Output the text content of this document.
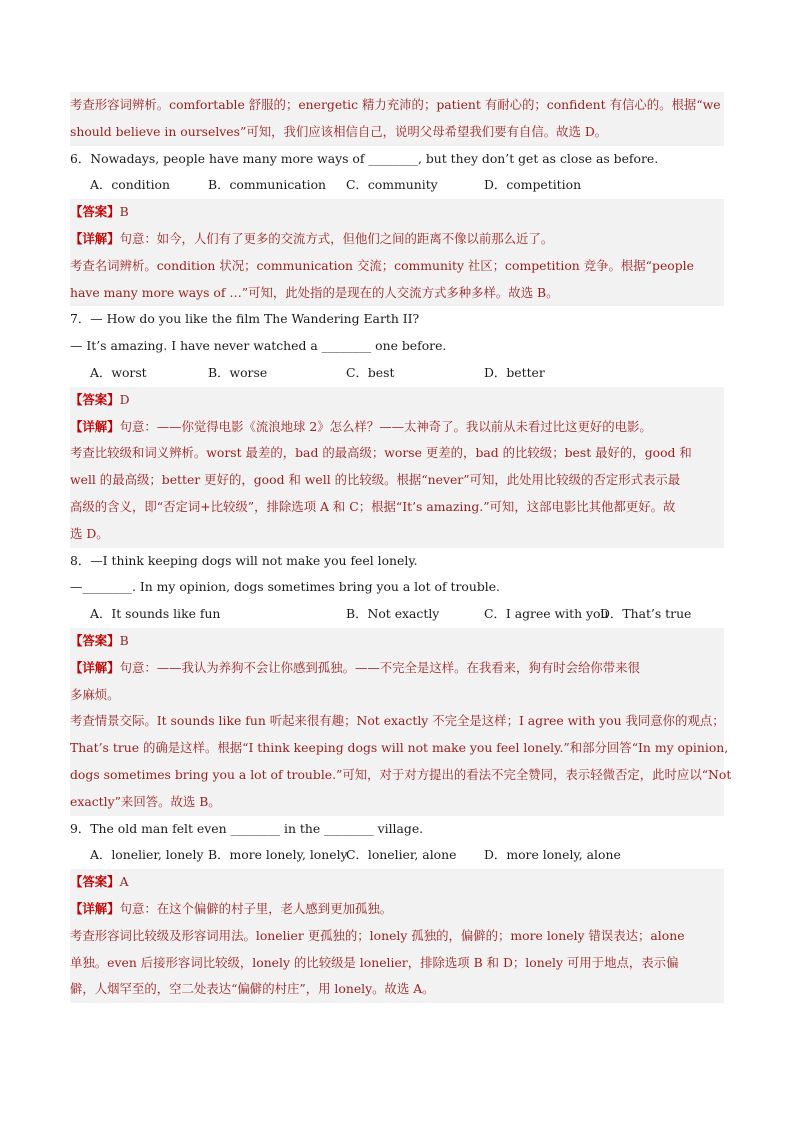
考查形容词辨析。comfortable 舒服的；energetic 精力充沛的；patient 有耐心的；confident 有信心的。根据“we
should believe in ourselves”可知，我们应该相信自己，说明父母希望我们要有自信。故选 D。
6．Nowadays, people have many more ways of ________, but they don’t get as close as before.
A．condition	B．communication	C．community	D．competition
【答案】B
【详解】句意：如今，人们有了更多的交流方式，但他们之间的距离不像以前那么近了。
考查名词辨析。condition 状况；communication 交流；community 社区；competition 竞争。根据“people
have many more ways of …”可知，此处指的是现在的人交流方式多种多样。故选 B。
7．— How do you like the film The Wandering Earth II?
— It’s amazing. I have never watched a ________ one before.
A．worst	B．worse	C．best	D．better
【答案】D
【详解】句意：——你觉得电影《流浪地球 2》怎么样？——太神奇了。我以前从未看过比这更好的电影。
考查比较级和词义辨析。worst 最差的，bad 的最高级；worse 更差的，bad 的比较级；best 最好的，good 和
well 的最高级；better 更好的，good 和 well 的比较级。根据“never”可知，此处用比较级的否定形式表示最
高级的含义，即“否定词+比较级”，排除选项 A 和 C；根据“It’s amazing.”可知，这部电影比其他都更好。故
选 D。
8．—I think keeping dogs will not make you feel lonely.
—________. In my opinion, dogs sometimes bring you a lot of trouble.
A．It sounds like fun	B．Not exactly	C．I agree with you
D．That’s true
【答案】B
【详解】句意：——我认为养狗不会让你感到孤独。——不完全是这样。在我看来，狗有时会给你带来很
多麻烦。
考查情景交际。It sounds like fun 听起来很有趣；Not exactly 不完全是这样；I agree with you 我同意你的观点；
That’s true 的确是这样。根据“I think keeping dogs will not make you feel lonely.”和部分回答“In my opinion,
dogs sometimes bring you a lot of trouble.”可知，对于对方提出的看法不完全赞同，表示轻微否定，此时应以“Not
exactly”来回答。故选 B。
9．The old man felt even ________ in the ________ village.
A．lonelier, lonely B．more lonely, lonely
C．lonelier, alone	D．more lonely, alone
【答案】A
【详解】句意：在这个偏僻的村子里，老人感到更加孤独。
考查形容词比较级及形容词用法。lonelier 更孤独的；lonely 孤独的，偏僻的；more lonely 错误表达；alone
单独。even 后接形容词比较级，lonely 的比较级是 lonelier，排除选项 B 和 D；lonely 可用于地点，表示偏
僻，人烟罕至的，空二处表达“偏僻的村庄”，用 lonely。故选 A。
